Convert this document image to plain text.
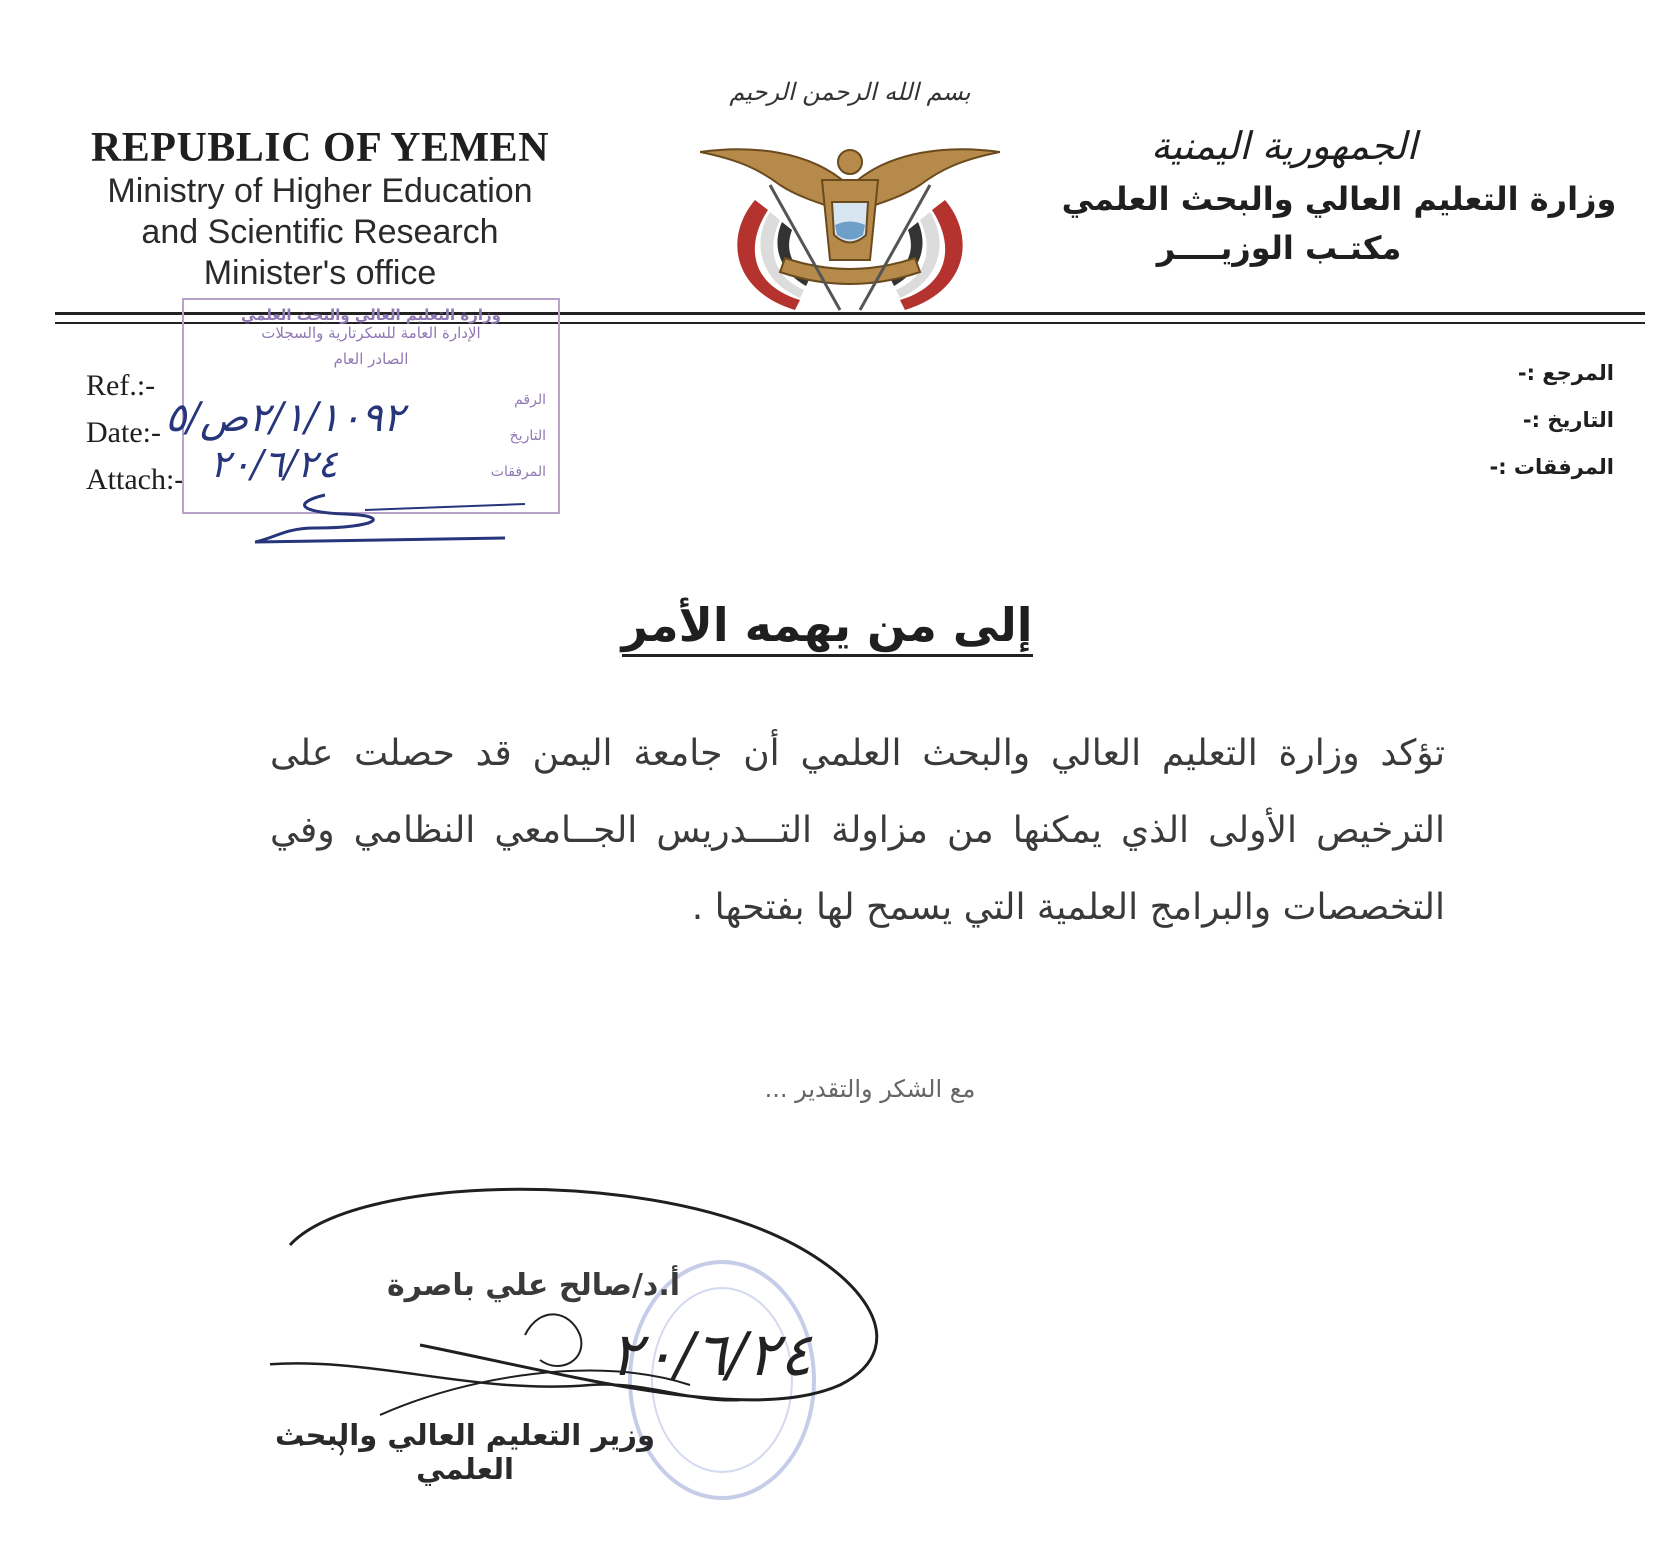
REPUBLIC OF YEMEN
Ministry of Higher Education
and Scientific Research
Minister's office
بسم الله الرحمن الرحيم
الجمهورية اليمنية
وزارة التعليم العالي والبحث العلمي
مكتـب الوزيــــر
Ref.:-
Date:-
Attach:-
المرجع :-
التاريخ :-
المرفقات :-
وزارة التعليم العالي والبحث العلمي
الإدارة العامة للسكرتارية والسجلات
الصادر العام
الرقم
التاريخ
المرفقات
٢/١/١٠٩٢ص/٥
٢٠/٦/٢٤
إلى من يهمه الأمر
تؤكد وزارة التعليم العالي والبحث العلمي أن جامعة اليمن قد حصلت على الترخيص الأولى الذي يمكنها من مزاولة التـــدريس الجــامعي النظامي وفي التخصصات والبرامج العلمية التي يسمح لها بفتحها .
مع الشكر والتقدير ...
أ.د/صالح علي باصرة
٢٠/٦/٢٤
وزير التعليم العالي والبحث العلمي
